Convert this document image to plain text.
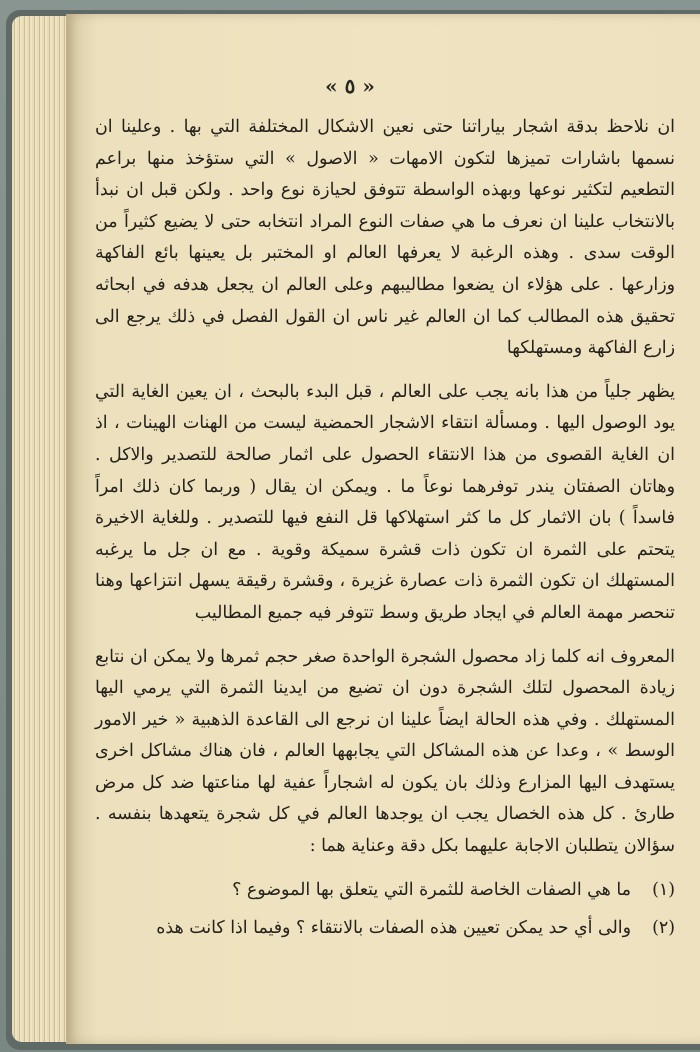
« ٥ »

ان نلاحظ بدقة اشجار بياراتنا حتى نعين الاشكال المختلفة التي بها . وعلينا ان نسمها باشارات تميزها لتكون الامهات « الاصول » التي ستؤخذ منها براعم التطعيم لتكثير نوعها وبهذه الواسطة تتوفق لحيازة نوع واحد . ولكن قبل ان نبدأ بالانتخاب علينا ان نعرف ما هي صفات النوع المراد انتخابه حتى لا يضيع كثيراً من الوقت سدى . وهذه الرغبة لا يعرفها العالم او المختبر بل يعينها بائع الفاكهة وزارعها . على هؤلاء ان يضعوا مطاليبهم وعلى العالم ان يجعل هدفه في ابحاثه تحقيق هذه المطالب كما ان العالم غير ناس ان القول الفصل في ذلك يرجع الى زارع الفاكهة ومستهلكها

يظهر جلياً من هذا بانه يجب على العالم ، قبل البدء بالبحث ، ان يعين الغاية التي يود الوصول اليها . ومسألة انتقاء الاشجار الحمضية ليست من الهنات الهينات ، اذ ان الغاية القصوى من هذا الانتقاء الحصول على اثمار صالحة للتصدير والاكل . وهاتان الصفتان يندر توفرهما نوعاً ما . ويمكن ان يقال ( وربما كان ذلك امراً فاسداً ) بان الاثمار كل ما كثر استهلاكها قل النفع فيها للتصدير . وللغاية الاخيرة يتحتم على الثمرة ان تكون ذات قشرة سميكة وقوية . مع ان جل ما يرغبه المستهلك ان تكون الثمرة ذات عصارة غزيرة ، وقشرة رقيقة يسهل انتزاعها وهنا تنحصر مهمة العالم في ايجاد طريق وسط تتوفر فيه جميع المطاليب

المعروف انه كلما زاد محصول الشجرة الواحدة صغر حجم ثمرها ولا يمكن ان نتابع زيادة المحصول لتلك الشجرة دون ان تضيع من ايدينا الثمرة التي يرمي اليها المستهلك . وفي هذه الحالة ايضاً علينا ان نرجع الى القاعدة الذهبية « خير الامور الوسط » ، وعدا عن هذه المشاكل التي يجابهها العالم ، فان هناك مشاكل اخرى يستهدف اليها المزارع وذلك بان يكون له اشجاراً عفية لها مناعتها ضد كل مرض طارئ . كل هذه الخصال يجب ان يوجدها العالم في كل شجرة يتعهدها بنفسه . سؤالان يتطلبان الاجابة عليهما بكل دقة وعناية هما :

(١)
ما هي الصفات الخاصة للثمرة التي يتعلق بها الموضوع ؟
(٢)
والى أي حد يمكن تعيين هذه الصفات بالانتقاء ؟ وفيما اذا كانت هذه
